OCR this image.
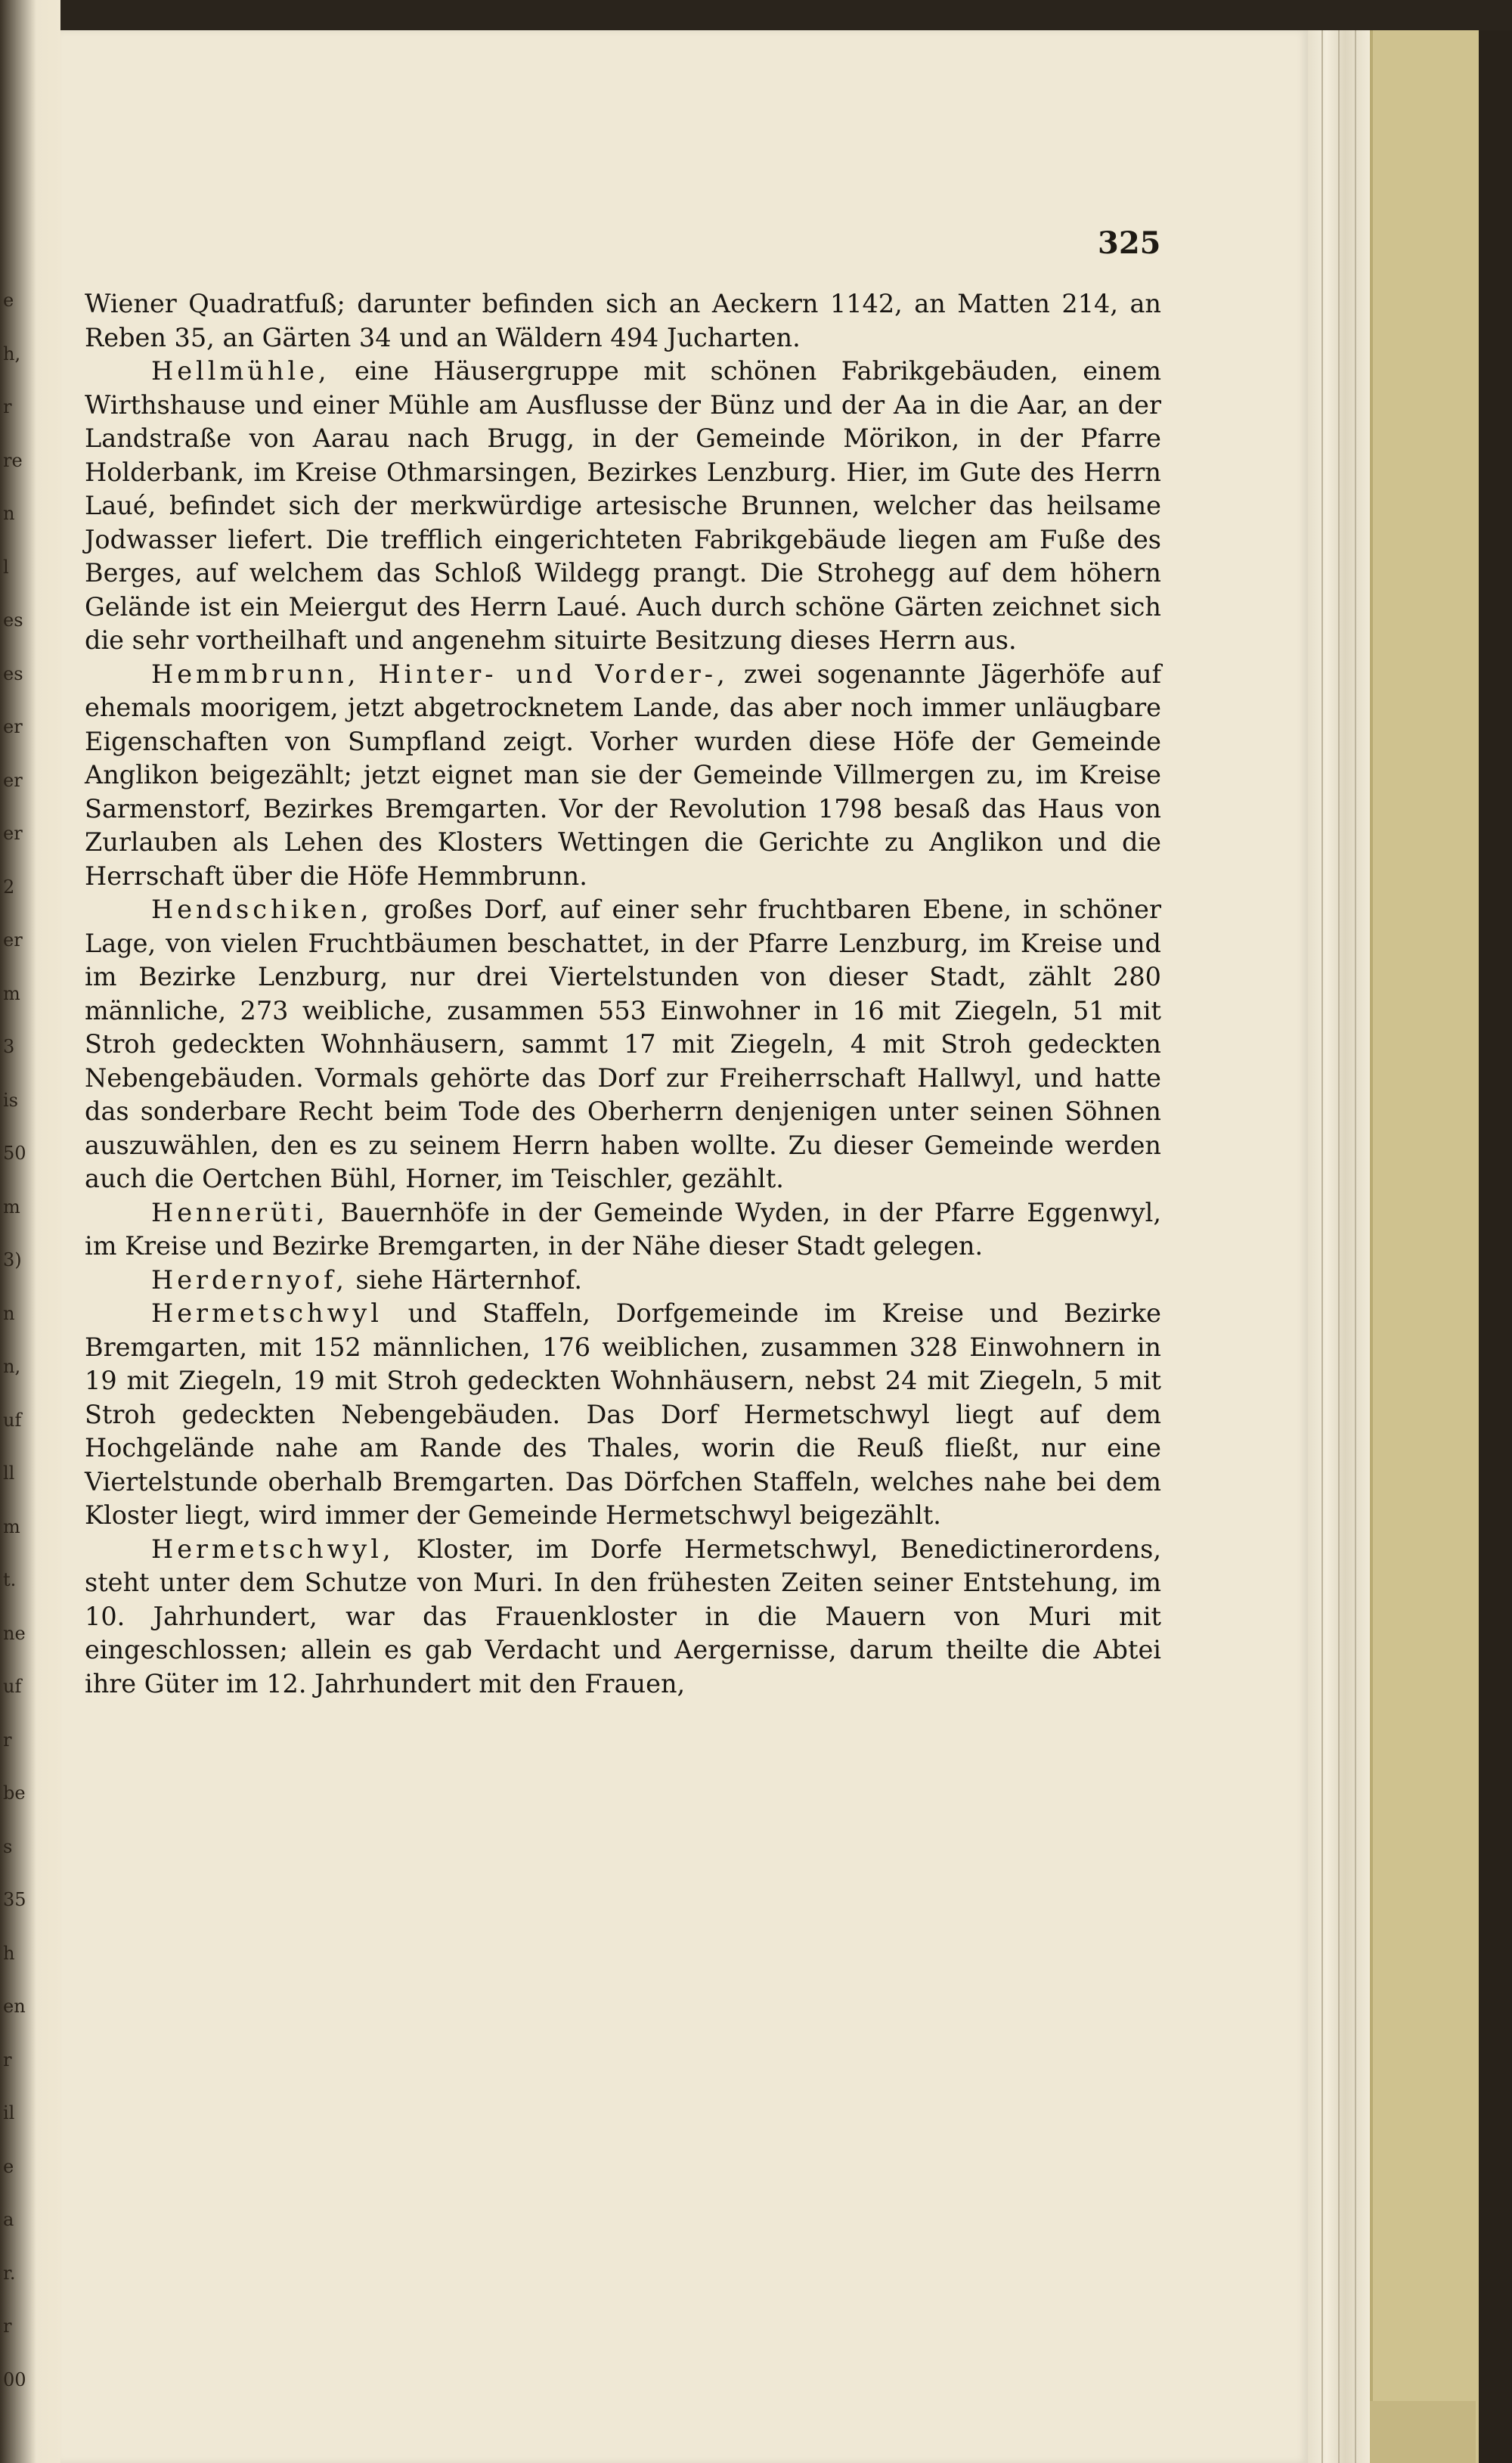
e
h,
r
re
n
l
es
es
er
er
er
2
er
m
3
is
50
m
3)
n
n,
uf
ll
m
t.
ne
uf
r
be
s
35
h
en
r
il
e
a
r.
r
00
325

Wiener Quadratfuß; darunter befinden sich an Aeckern 1142, an Matten 214, an Reben 35, an Gärten 34 und an Wäldern 494 Jucharten.

Hellmühle, eine Häusergruppe mit schönen Fabrikgebäuden, einem Wirthshause und einer Mühle am Ausflusse der Bünz und der Aa in die Aar, an der Landstraße von Aarau nach Brugg, in der Gemeinde Mörikon, in der Pfarre Holderbank, im Kreise Othmarsingen, Bezirkes Lenzburg. Hier, im Gute des Herrn Laué, befindet sich der merkwürdige artesische Brunnen, welcher das heilsame Jodwasser liefert. Die trefflich eingerichteten Fabrikgebäude liegen am Fuße des Berges, auf welchem das Schloß Wildegg prangt. Die Strohegg auf dem höhern Gelände ist ein Meiergut des Herrn Laué. Auch durch schöne Gärten zeichnet sich die sehr vortheilhaft und angenehm situirte Besitzung dieses Herrn aus.

Hemmbrunn, Hinter- und Vorder-, zwei sogenannte Jägerhöfe auf ehemals moorigem, jetzt abgetrocknetem Lande, das aber noch immer unläugbare Eigenschaften von Sumpfland zeigt. Vorher wurden diese Höfe der Gemeinde Anglikon beigezählt; jetzt eignet man sie der Gemeinde Villmergen zu, im Kreise Sarmenstorf, Bezirkes Bremgarten. Vor der Revolution 1798 besaß das Haus von Zurlauben als Lehen des Klosters Wettingen die Gerichte zu Anglikon und die Herrschaft über die Höfe Hemmbrunn.

Hendschiken, großes Dorf, auf einer sehr fruchtbaren Ebene, in schöner Lage, von vielen Fruchtbäumen beschattet, in der Pfarre Lenzburg, im Kreise und im Bezirke Lenzburg, nur drei Viertelstunden von dieser Stadt, zählt 280 männliche, 273 weibliche, zusammen 553 Einwohner in 16 mit Ziegeln, 51 mit Stroh gedeckten Wohnhäusern, sammt 17 mit Ziegeln, 4 mit Stroh gedeckten Nebengebäuden. Vormals gehörte das Dorf zur Freiherrschaft Hallwyl, und hatte das sonderbare Recht beim Tode des Oberherrn denjenigen unter seinen Söhnen auszuwählen, den es zu seinem Herrn haben wollte. Zu dieser Gemeinde werden auch die Oertchen Bühl, Horner, im Teischler, gezählt.

Hennerüti, Bauernhöfe in der Gemeinde Wyden, in der Pfarre Eggenwyl, im Kreise und Bezirke Bremgarten, in der Nähe dieser Stadt gelegen.

Herdernyof, siehe Härternhof.

Hermetschwyl und Staffeln, Dorfgemeinde im Kreise und Bezirke Bremgarten, mit 152 männlichen, 176 weiblichen, zusammen 328 Einwohnern in 19 mit Ziegeln, 19 mit Stroh gedeckten Wohnhäusern, nebst 24 mit Ziegeln, 5 mit Stroh gedeckten Nebengebäuden. Das Dorf Hermetschwyl liegt auf dem Hochgelände nahe am Rande des Thales, worin die Reuß fließt, nur eine Viertelstunde oberhalb Bremgarten. Das Dörfchen Staffeln, welches nahe bei dem Kloster liegt, wird immer der Gemeinde Hermetschwyl beigezählt.

Hermetschwyl, Kloster, im Dorfe Hermetschwyl, Benedictinerordens, steht unter dem Schutze von Muri. In den frühesten Zeiten seiner Entstehung, im 10. Jahrhundert, war das Frauenkloster in die Mauern von Muri mit eingeschlossen; allein es gab Verdacht und Aergernisse, darum theilte die Abtei ihre Güter im 12. Jahrhundert mit den Frauen,
